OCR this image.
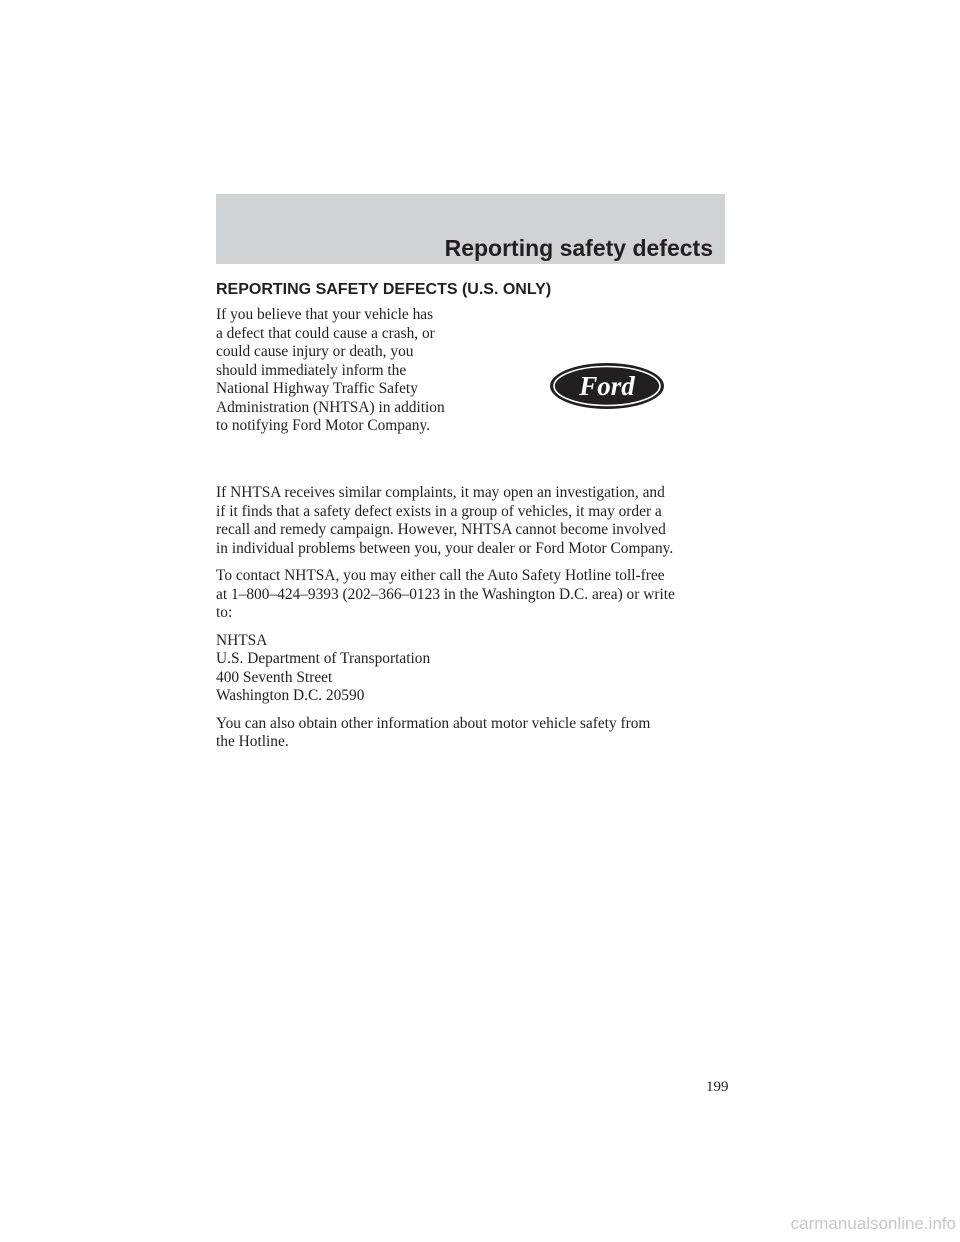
Reporting safety defects
REPORTING SAFETY DEFECTS (U.S. ONLY)

If you believe that your vehicle has
a defect that could cause a crash, or
could cause injury or death, you
should immediately inform the
National Highway Traffic Safety
Administration (NHTSA) in addition
to notifying Ford Motor Company.

Ford

If NHTSA receives similar complaints, it may open an investigation, and
if it finds that a safety defect exists in a group of vehicles, it may order a
recall and remedy campaign. However, NHTSA cannot become involved
in individual problems between you, your dealer or Ford Motor Company.

To contact NHTSA, you may either call the Auto Safety Hotline toll-free
at 1–800–424–9393 (202–366–0123 in the Washington D.C. area) or write
to:

NHTSA
U.S. Department of Transportation
400 Seventh Street
Washington D.C. 20590

You can also obtain other information about motor vehicle safety from
the Hotline.

199
carmanualsonline.info
